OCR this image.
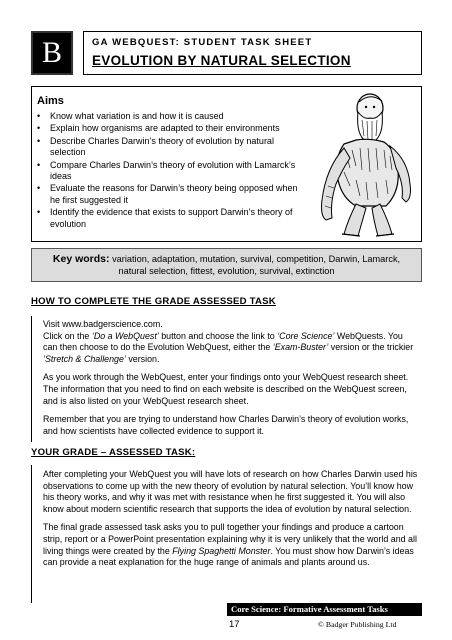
B	GA WEBQUEST: STUDENT TASK SHEET
EVOLUTION BY NATURAL SELECTION
Aims
• Know what variation is and how it is caused
• Explain how organisms are adapted to their environments
• Describe Charles Darwin’s theory of evolution by natural selection
• Compare Charles Darwin’s theory of evolution with Lamarck’s ideas
• Evaluate the reasons for Darwin’s theory being opposed when he first suggested it
• Identify the evidence that exists to support Darwin’s theory of evolution
Key words: variation, adaptation, mutation, survival, competition, Darwin, Lamarck, natural selection, fittest, evolution, survival, extinction
HOW TO COMPLETE THE GRADE ASSESSED TASK

Visit www.badgerscience.com.
Click on the ‘Do a WebQuest’ button and choose the link to ‘Core Science’ WebQuests. You can then choose to do the Evolution WebQuest, either the ‘Exam-Buster’ version or the trickier ‘Stretch & Challenge’ version.

As you work through the WebQuest, enter your findings onto your WebQuest research sheet. The information that you need to find on each website is described on the WebQuest screen, and is also listed on your WebQuest research sheet.

Remember that you are trying to understand how Charles Darwin’s theory of evolution works, and how scientists have collected evidence to support it.

YOUR GRADE – ASSESSED TASK:

After completing your WebQuest you will have lots of research on how Charles Darwin used his observations to come up with the new theory of evolution by natural selection. You’ll know how his theory works, and why it was met with resistance when he first suggested it. You will also know about modern scientific research that supports the idea of evolution by natural selection.

The final grade assessed task asks you to pull together your findings and produce a cartoon strip, report or a PowerPoint presentation explaining why it is very unlikely that the world and all living things were created by the Flying Spaghetti Monster. You must show how Darwin’s ideas can provide a neat explanation for the huge range of animals and plants around us.

Core Science: Formative Assessment Tasks
17	© Badger Publishing Ltd
